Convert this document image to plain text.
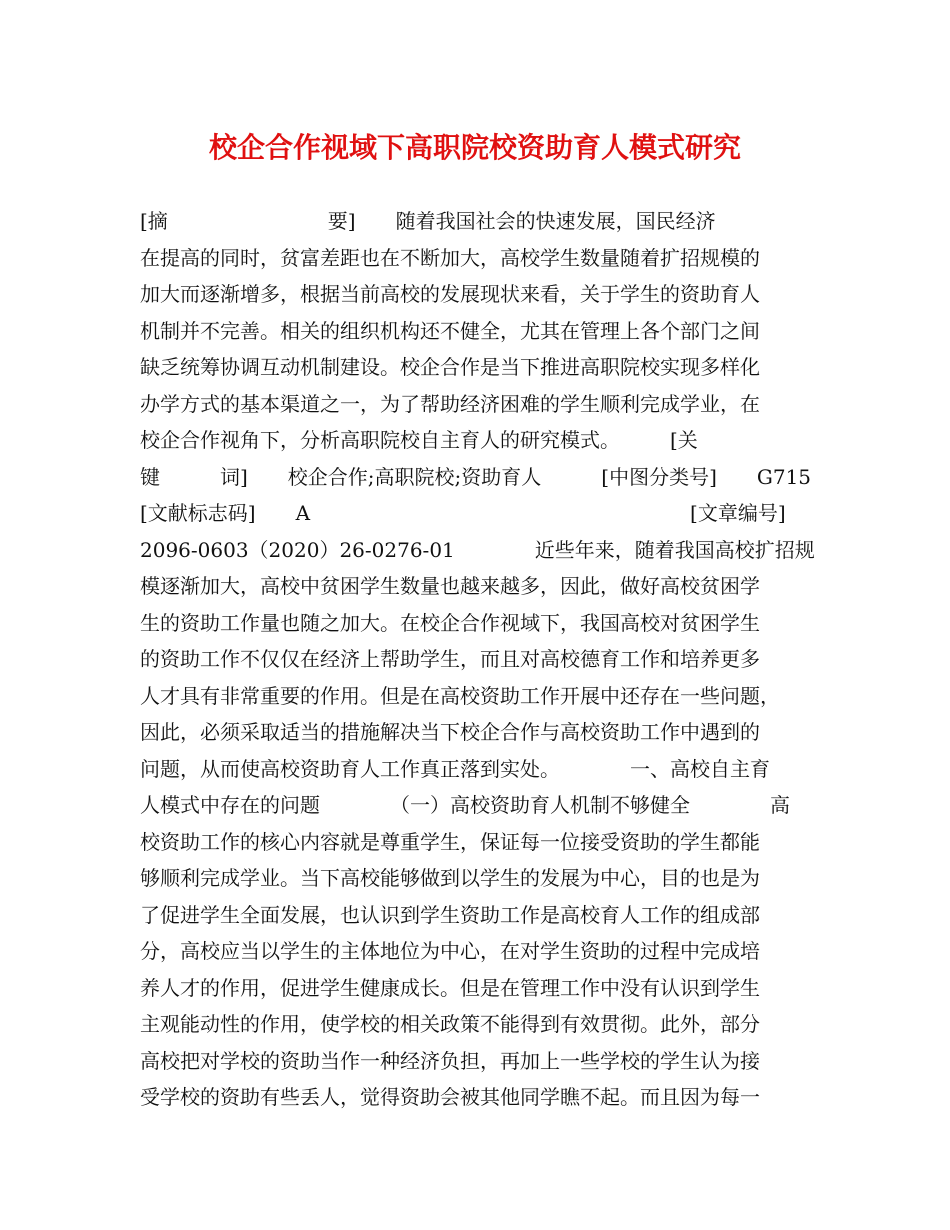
校企合作视域下高职院校资助育人模式研究
[摘　　　　　　　　要]　　随着我国社会的快速发展，国民经济
在提高的同时，贫富差距也在不断加大，高校学生数量随着扩招规模的
加大而逐渐增多，根据当前高校的发展现状来看，关于学生的资助育人
机制并不完善。相关的组织机构还不健全，尤其在管理上各个部门之间
缺乏统筹协调互动机制建设。校企合作是当下推进高职院校实现多样化
办学方式的基本渠道之一，为了帮助经济困难的学生顺利完成学业，在
校企合作视角下，分析高职院校自主育人的研究模式。　　　[关
键　　　词]　　校企合作;高职院校;资助育人　　　[中图分类号]　　G715
[文献标志码]　　A　　　　　　　　　　　　　　　　　　　[文章编号]
2096-0603（2020）26-0276-01　　　　近些年来，随着我国高校扩招规
模逐渐加大，高校中贫困学生数量也越来越多，因此，做好高校贫困学
生的资助工作量也随之加大。在校企合作视域下，我国高校对贫困学生
的资助工作不仅仅在经济上帮助学生，而且对高校德育工作和培养更多
人才具有非常重要的作用。但是在高校资助工作开展中还存在一些问题，
因此，必须采取适当的措施解决当下校企合作与高校资助工作中遇到的
问题，从而使高校资助育人工作真正落到实处。　　　　一、高校自主育
人模式中存在的问题　　　　（一）高校资助育人机制不够健全　　　　高
校资助工作的核心内容就是尊重学生，保证每一位接受资助的学生都能
够顺利完成学业。当下高校能够做到以学生的发展为中心，目的也是为
了促进学生全面发展，也认识到学生资助工作是高校育人工作的组成部
分，高校应当以学生的主体地位为中心，在对学生资助的过程中完成培
养人才的作用，促进学生健康成长。但是在管理工作中没有认识到学生
主观能动性的作用，使学校的相关政策不能得到有效贯彻。此外，部分
高校把对学校的资助当作一种经济负担，再加上一些学校的学生认为接
受学校的资助有些丢人，觉得资助会被其他同学瞧不起。而且因为每一
